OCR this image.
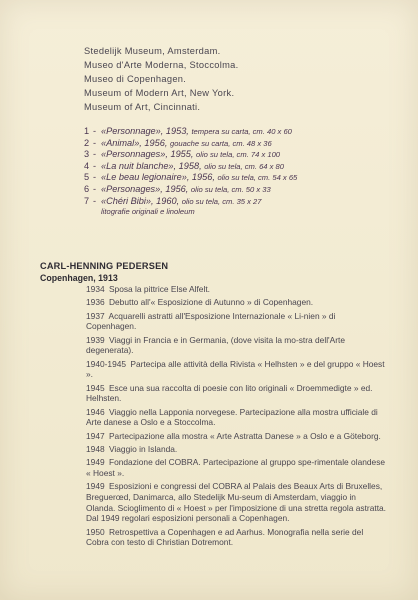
Stedelijk Museum, Amsterdam.
Museo d'Arte Moderna, Stoccolma.
Museo di Copenhagen.
Museum of Modern Art, New York.
Museum of Art, Cincinnati.
1 - «Personnage», 1953, tempera su carta, cm. 40 x 60
2 - «Animal», 1956, gouache su carta, cm. 48 x 36
3 - «Personnages», 1955, olio su tela, cm. 74 x 100
4 - «La nuit blanche», 1958, olio su tela, cm. 64 x 80
5 - «Le beau legionaire», 1956, olio su tela, cm. 54 x 65
6 - «Personages», 1956, olio su tela, cm. 50 x 33
7 - «Chéri Bibi», 1960, olio su tela, cm. 35 x 27
litografie originali e linoleum
CARL-HENNING PEDERSEN
Copenhagen, 1913
1934 Sposa la pittrice Else Alfelt.
1936 Debutto all'« Esposizione di Autunno » di Copenhagen.
1937 Acquarelli astratti all'Esposizione Internazionale « Li-nien » di Copenhagen.
1939 Viaggi in Francia e in Germania, (dove visita la mo-stra dell'Arte degenerata).
1940-1945 Partecipa alle attività della Rivista « Helhsten » e del gruppo « Hoest ».
1945 Esce una sua raccolta di poesie con lito originali « Droemmedigte » ed. Helhsten.
1946 Viaggio nella Lapponia norvegese. Partecipazione alla mostra ufficiale di Arte danese a Oslo e a Stoccolma.
1947 Partecipazione alla mostra « Arte Astratta Danese » a Oslo e a Göteborg.
1948 Viaggio in Islanda.
1949 Fondazione del COBRA. Partecipazione al gruppo spe-rimentale olandese « Hoest ».
1949 Esposizioni e congressi del COBRA al Palais des Beaux Arts di Bruxelles, Breguerœd, Danimarca, allo Stedelijk Mu-seum di Amsterdam, viaggio in Olanda. Scioglimento di « Hoest » per l'imposizione di una stretta regola astratta. Dal 1949 regolari esposizioni personali a Copenhagen.
1950 Retrospettiva a Copenhagen e ad Aarhus. Monografia nella serie del Cobra con testo di Christian Dotremont.
